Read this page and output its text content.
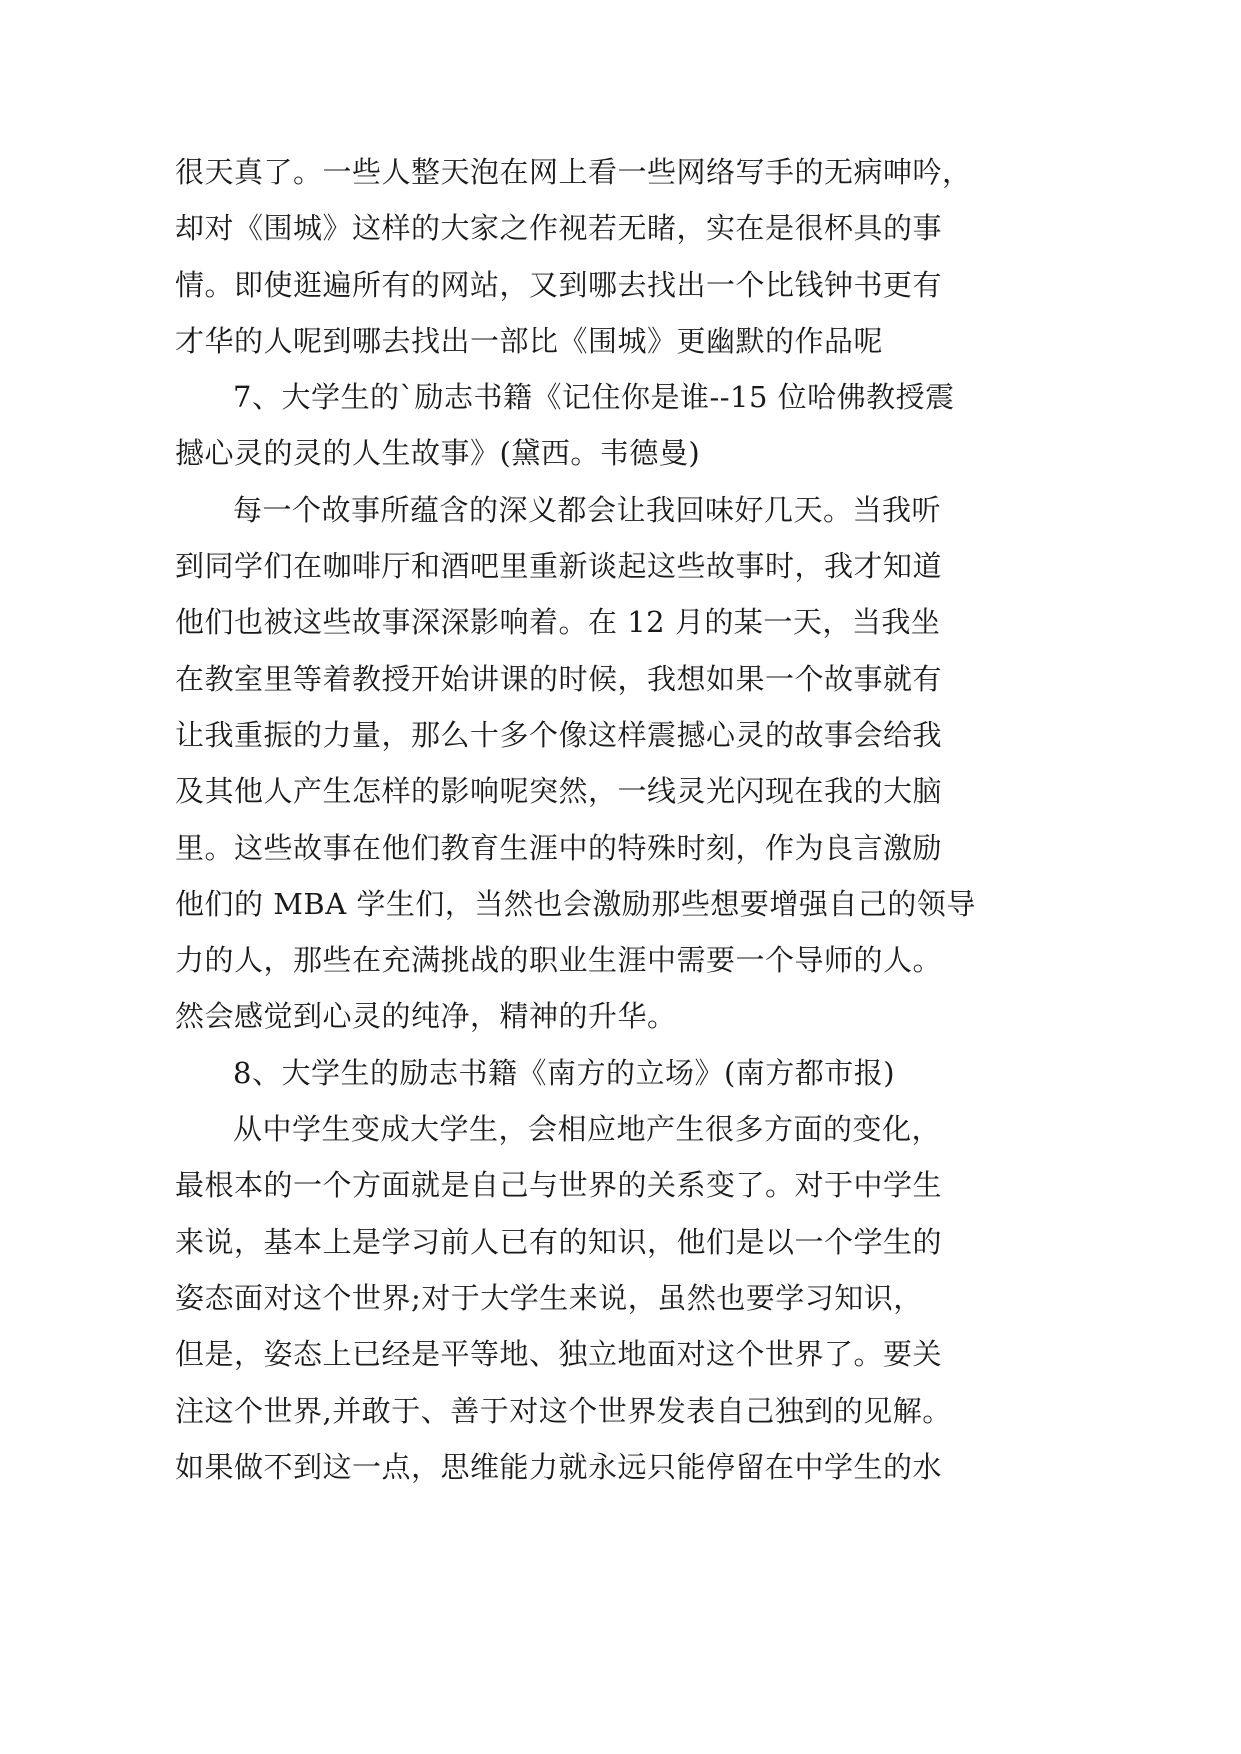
很天真了。一些人整天泡在网上看一些网络写手的无病呻吟，
却对《围城》这样的大家之作视若无睹，实在是很杯具的事
情。即使逛遍所有的网站，又到哪去找出一个比钱钟书更有
才华的人呢到哪去找出一部比《围城》更幽默的作品呢
7、大学生的`励志书籍《记住你是谁--15 位哈佛教授震
撼心灵的灵的人生故事》(黛西。韦德曼)
每一个故事所蕴含的深义都会让我回味好几天。当我听
到同学们在咖啡厅和酒吧里重新谈起这些故事时，我才知道
他们也被这些故事深深影响着。在 12 月的某一天，当我坐
在教室里等着教授开始讲课的时候，我想如果一个故事就有
让我重振的力量，那么十多个像这样震撼心灵的故事会给我
及其他人产生怎样的影响呢突然，一线灵光闪现在我的大脑
里。这些故事在他们教育生涯中的特殊时刻，作为良言激励
他们的 MBA 学生们，当然也会激励那些想要增强自己的领导
力的人，那些在充满挑战的职业生涯中需要一个导师的人。
然会感觉到心灵的纯净，精神的升华。
8、大学生的励志书籍《南方的立场》(南方都市报)
从中学生变成大学生，会相应地产生很多方面的变化，
最根本的一个方面就是自己与世界的关系变了。对于中学生
来说，基本上是学习前人已有的知识，他们是以一个学生的
姿态面对这个世界;对于大学生来说，虽然也要学习知识，
但是，姿态上已经是平等地、独立地面对这个世界了。要关
注这个世界,并敢于、善于对这个世界发表自己独到的见解。
如果做不到这一点，思维能力就永远只能停留在中学生的水
